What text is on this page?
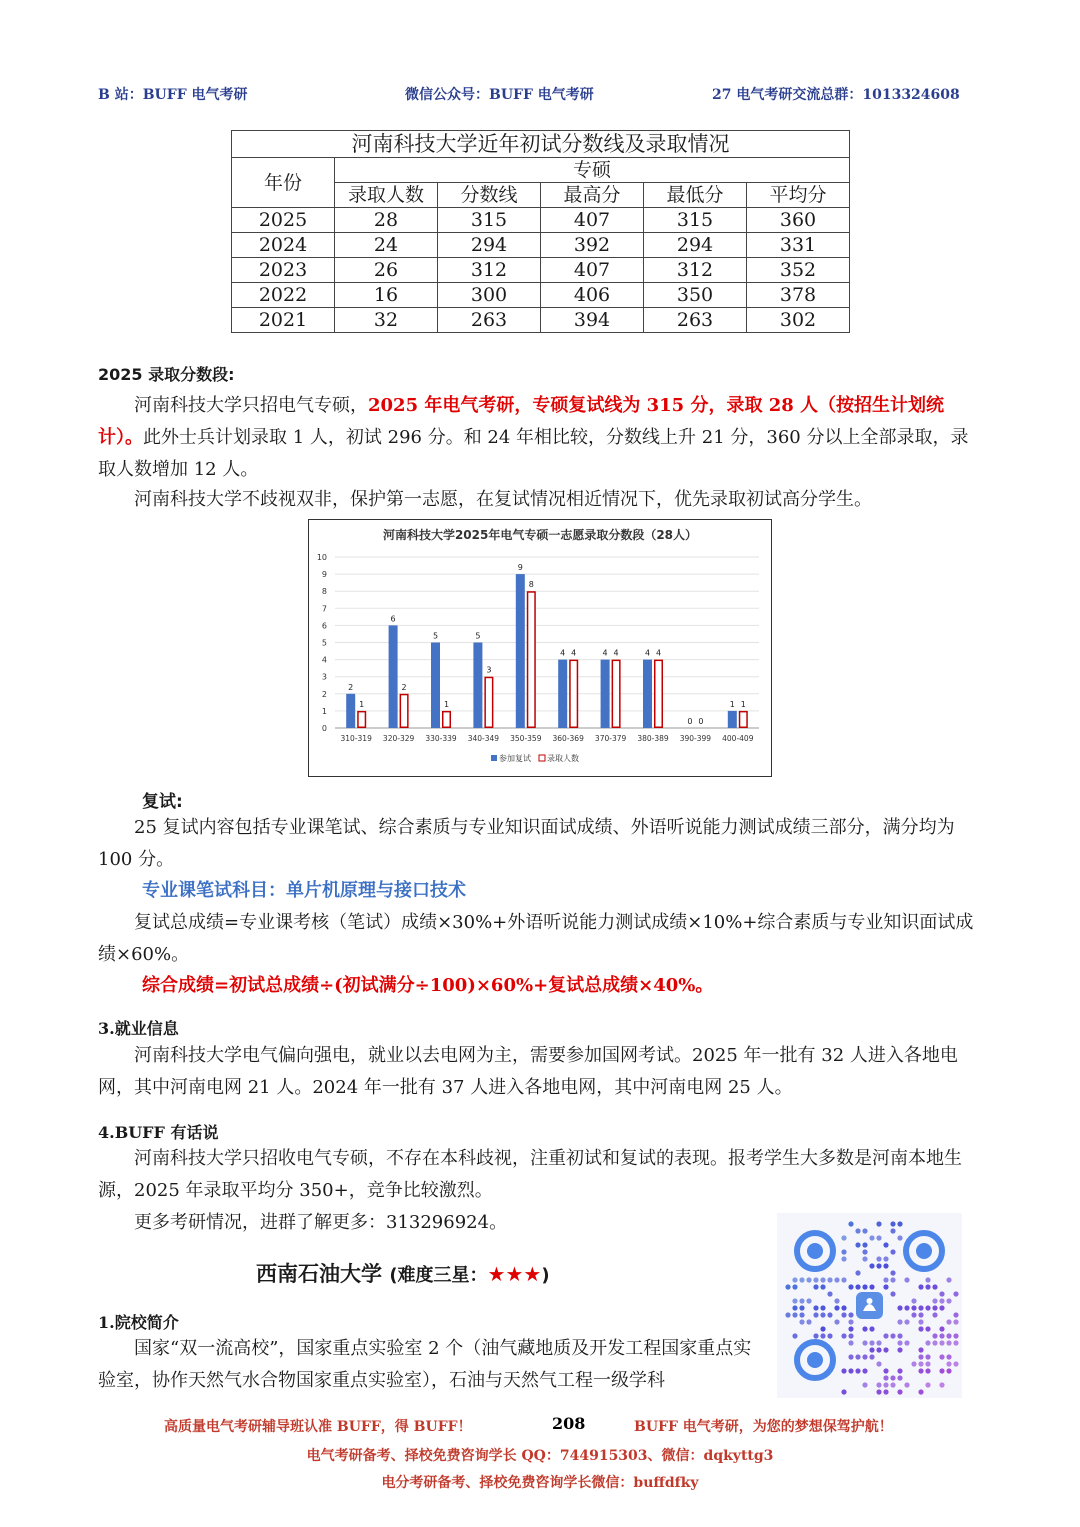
B 站：BUFF 电气考研	微信公众号：BUFF 电气考研	27 电气考研交流总群：1013324608
河南科技大学近年初试分数线及录取情况					
年份	专硕				
	录取人数	分数线	最高分	最低分	平均分
2025	28	315	407	315	360
2024	24	294	392	294	331
2023	26	312	407	312	352
2022	16	300	406	350	378
2021	32	263	394	263	302
2025 录取分数段:

河南科技大学只招电气专硕，2025 年电气考研，专硕复试线为 315 分，录取 28 人（按招生计划统计）。此外士兵计划录取 1 人，初试 296 分。和 24 年相比较，分数线上升 21 分，360 分以上全部录取，录取人数增加 12 人。

河南科技大学不歧视双非，保护第一志愿，在复试情况相近情况下，优先录取初试高分学生。

河南科技大学2025年电气专硕一志愿录取分数段（28人）
0
1
2
3
4
5
6
7
8
9
10
310-319
2
1
320-329
6
2
330-339
5
1
340-349
5
3
350-359
9
8
360-369
4 4
370-379
4 4
380-389
4 4
390-399
0 0
400-409
1 1
参加复试 录取人数
复试:

25 复试内容包括专业课笔试、综合素质与专业知识面试成绩、外语听说能力测试成绩三部分，满分均为 100 分。

专业课笔试科目：单片机原理与接口技术

复试总成绩=专业课考核（笔试）成绩×30%+外语听说能力测试成绩×10%+综合素质与专业知识面试成绩×60%。

综合成绩=初试总成绩÷(初试满分÷100)×60%+复试总成绩×40%。
3.就业信息

河南科技大学电气偏向强电，就业以去电网为主，需要参加国网考试。2025 年一批有 32 人进入各地电网，其中河南电网 21 人。2024 年一批有 37 人进入各地电网，其中河南电网 25 人。

4.BUFF 有话说

河南科技大学只招收电气专硕，不存在本科歧视，注重初试和复试的表现。报考学生大多数是河南本地生源，2025 年录取平均分 350+，竞争比较激烈。

更多考研情况，进群了解更多：313296924。

西南石油大学 (难度三星：★★★)
1.院校简介

国家“双一流高校”，国家重点实验室 2 个（油气藏地质及开发工程国家重点实验室，协作天然气水合物国家重点实验室），石油与天然气工程一级学科

高质量电气考研辅导班认准 BUFF，得 BUFF！	208	BUFF 电气考研，为您的梦想保驾护航！
电气考研备考、择校免费咨询学长 QQ：744915303、微信：dqkyttg3
电分考研备考、择校免费咨询学长微信：buffdfky
